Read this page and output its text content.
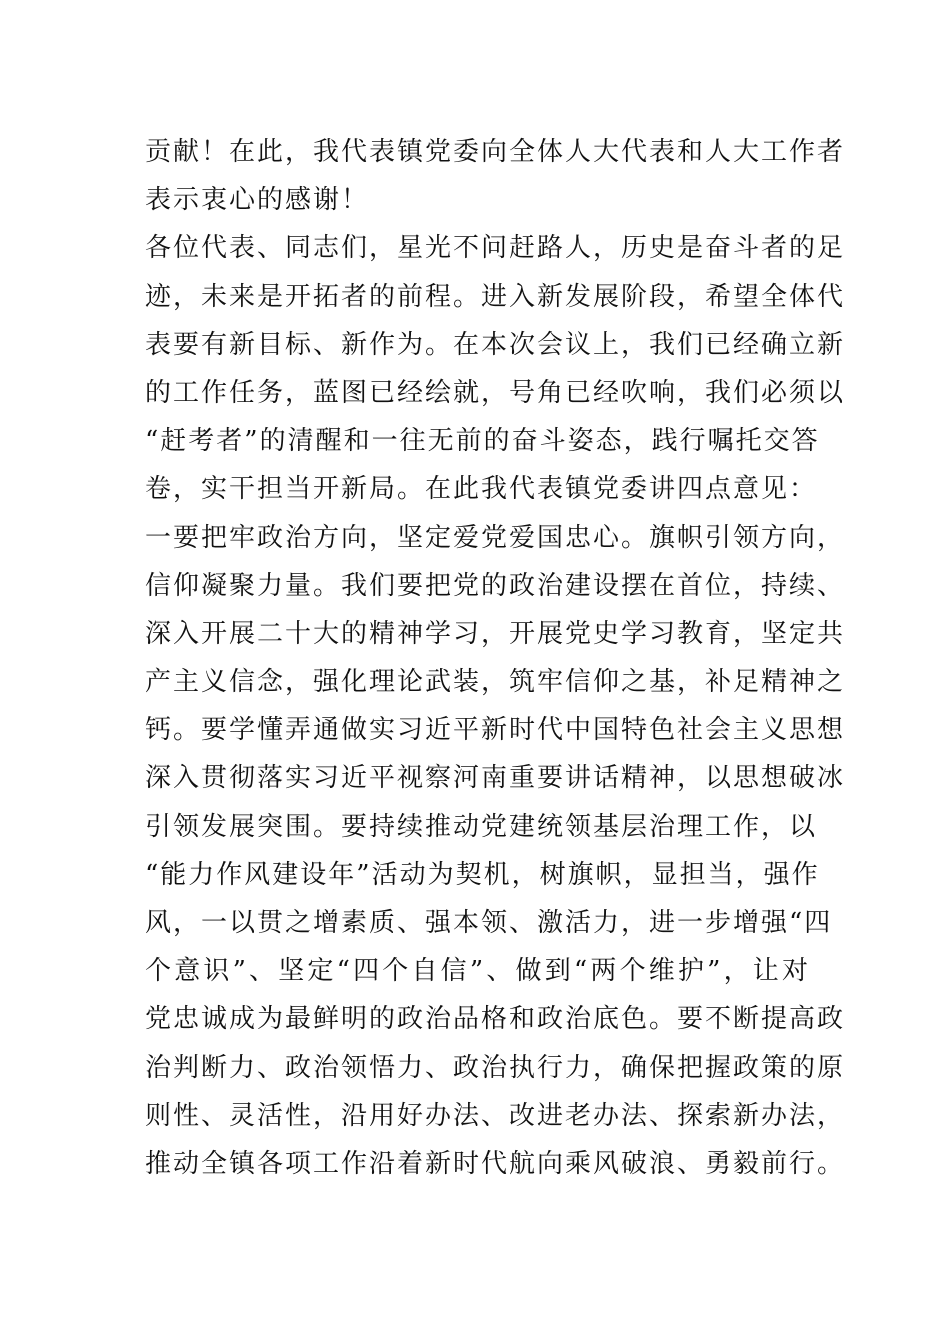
贡献！在此，我代表镇党委向全体人大代表和人大工作者
表示衷心的感谢！
各位代表、同志们，星光不问赶路人，历史是奋斗者的足
迹，未来是开拓者的前程。进入新发展阶段，希望全体代
表要有新目标、新作为。在本次会议上，我们已经确立新
的工作任务，蓝图已经绘就，号角已经吹响，我们必须以
“赶考者”的清醒和一往无前的奋斗姿态，践行嘱托交答
卷，实干担当开新局。在此我代表镇党委讲四点意见：
一要把牢政治方向，坚定爱党爱国忠心。旗帜引领方向，
信仰凝聚力量。我们要把党的政治建设摆在首位，持续、
深入开展二十大的精神学习，开展党史学习教育，坚定共
产主义信念，强化理论武装，筑牢信仰之基，补足精神之
钙。要学懂弄通做实习近平新时代中国特色社会主义思想
深入贯彻落实习近平视察河南重要讲话精神，以思想破冰
引领发展突围。要持续推动党建统领基层治理工作，以
“能力作风建设年”活动为契机，树旗帜，显担当，强作
风，一以贯之增素质、强本领、激活力，进一步增强“四
个意识”、坚定“四个自信”、做到“两个维护”，让对
党忠诚成为最鲜明的政治品格和政治底色。要不断提高政
治判断力、政治领悟力、政治执行力，确保把握政策的原
则性、灵活性，沿用好办法、改进老办法、探索新办法，
推动全镇各项工作沿着新时代航向乘风破浪、勇毅前行。
